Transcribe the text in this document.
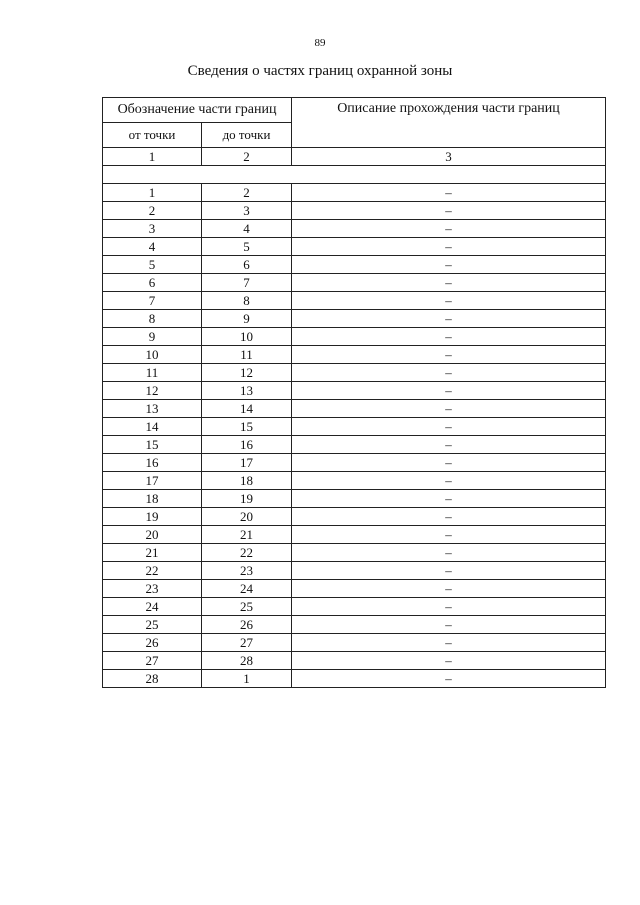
89
Сведения о частях границ охранной зоны
Обозначение части границ		Описание прохождения части границ
от точки	до точки	
1	2	3

1	2	–
2	3	–
3	4	–
4	5	–
5	6	–
6	7	–
7	8	–
8	9	–
9	10	–
10	11	–
11	12	–
12	13	–
13	14	–
14	15	–
15	16	–
16	17	–
17	18	–
18	19	–
19	20	–
20	21	–
21	22	–
22	23	–
23	24	–
24	25	–
25	26	–
26	27	–
27	28	–
28	1	–
